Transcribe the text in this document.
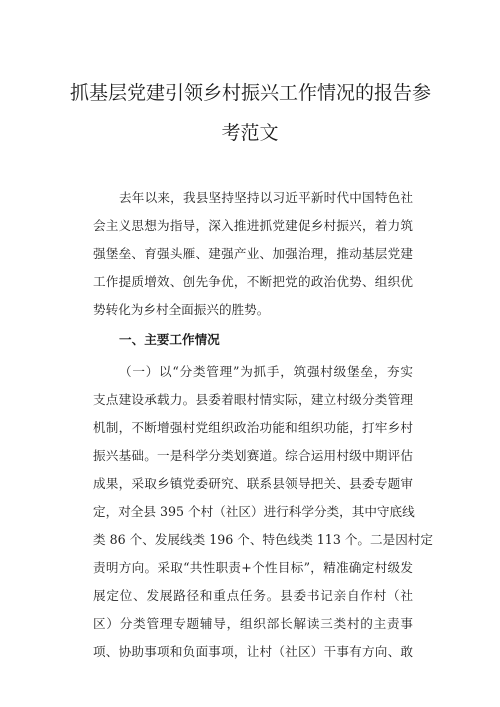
抓基层党建引领乡村振兴工作情况的报告参
考范文
去年以来，我县坚持坚持以习近平新时代中国特色社
会主义思想为指导，深入推进抓党建促乡村振兴，着力筑
强堡垒、育强头雁、建强产业、加强治理，推动基层党建
工作提质增效、创先争优，不断把党的政治优势、组织优
势转化为乡村全面振兴的胜势。
一、主要工作情况
（一）以“分类管理”为抓手，筑强村级堡垒，夯实
支点建设承载力。县委着眼村情实际，建立村级分类管理
机制，不断增强村党组织政治功能和组织功能，打牢乡村
振兴基础。一是科学分类划赛道。综合运用村级中期评估
成果，采取乡镇党委研究、联系县领导把关、县委专题审
定，对全县 395 个村（社区）进行科学分类，其中守底线
类 86 个、发展线类 196 个、特色线类 113 个。二是因村定
责明方向。采取“共性职责+个性目标”，精准确定村级发
展定位、发展路径和重点任务。县委书记亲自作村（社
区）分类管理专题辅导，组织部长解读三类村的主责事
项、协助事项和负面事项，让村（社区）干事有方向、敢
